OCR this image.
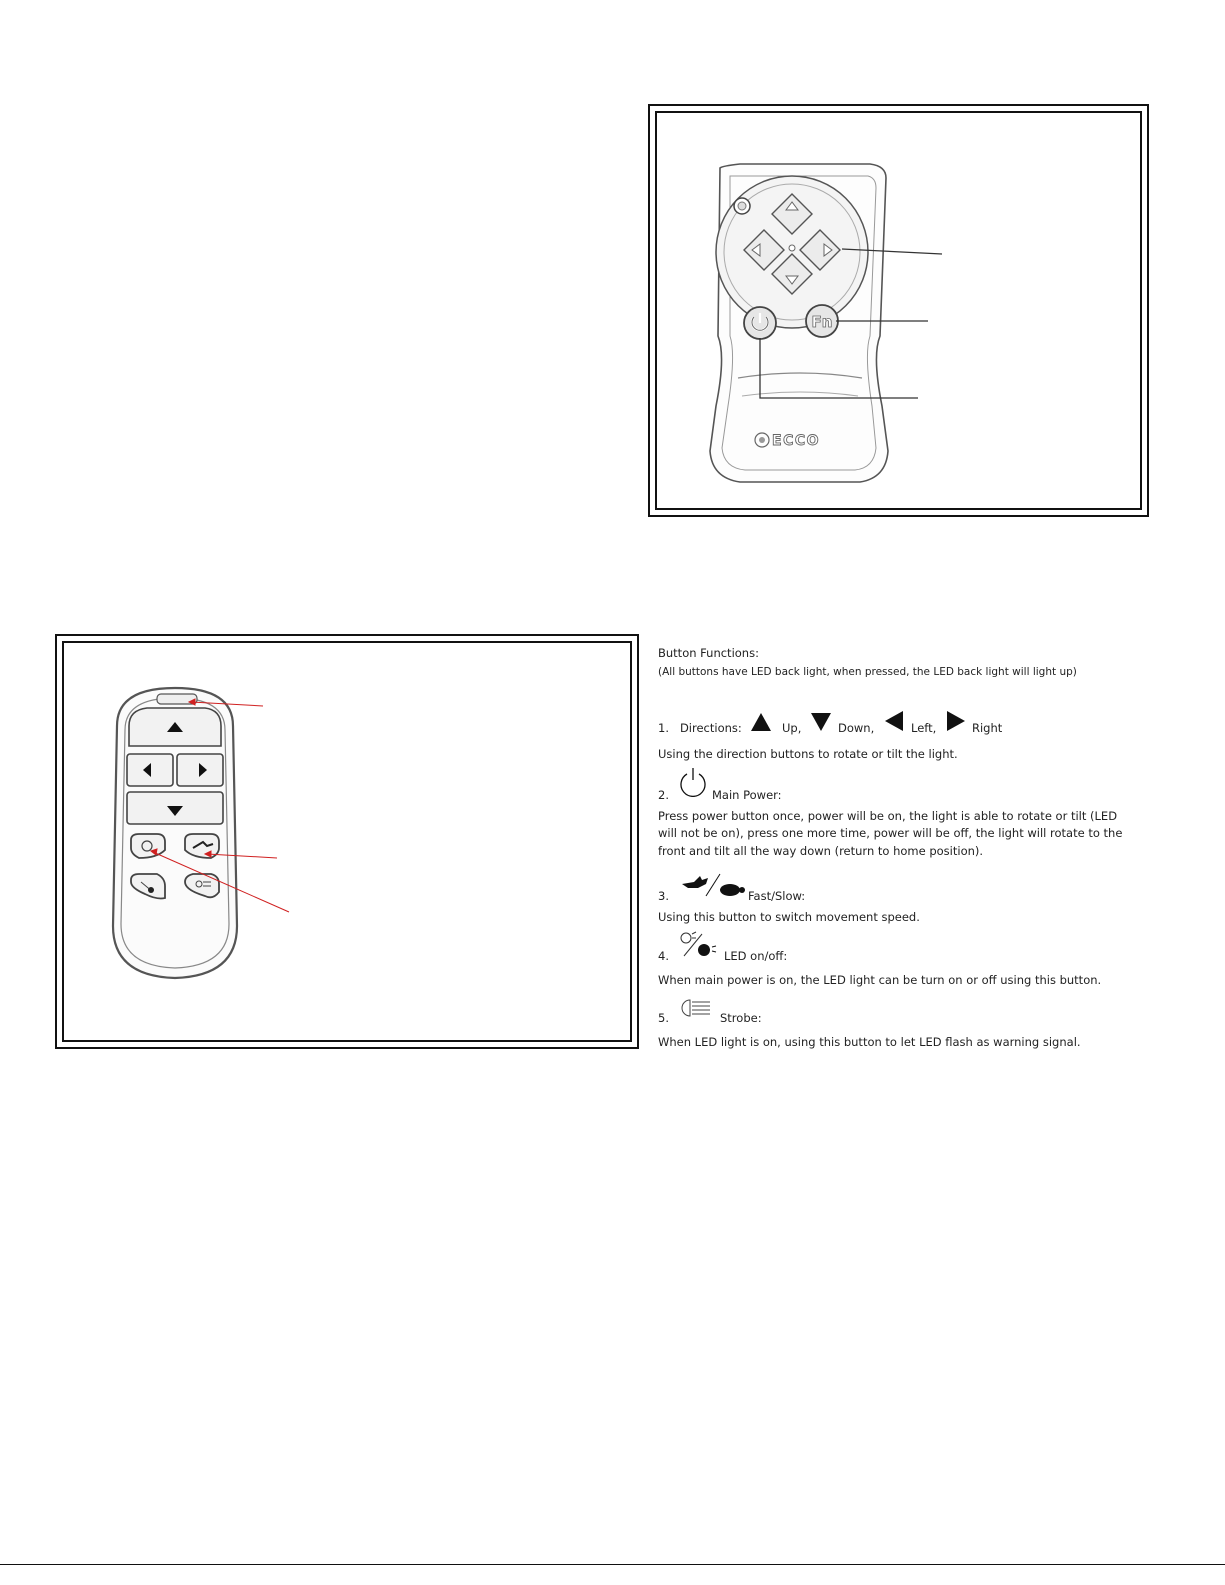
Fn
ECCO
Button Functions:
(All buttons have LED back light, when pressed, the LED back light will light up)
1. Directions:	Up,	Down,	Left,	Right
Using the direction buttons to rotate or tilt the light.
2.	Main Power:
Press power button once, power will be on, the light is able to rotate or tilt (LED will not be on), press one more time, power will be off, the light will rotate to the front and tilt all the way down (return to home position).
3.	Fast/Slow:
Using this button to switch movement speed.
4.	LED on/off:
When main power is on, the LED light can be turn on or off using this button.
5.	Strobe:
When LED light is on, using this button to let LED flash as warning signal.
